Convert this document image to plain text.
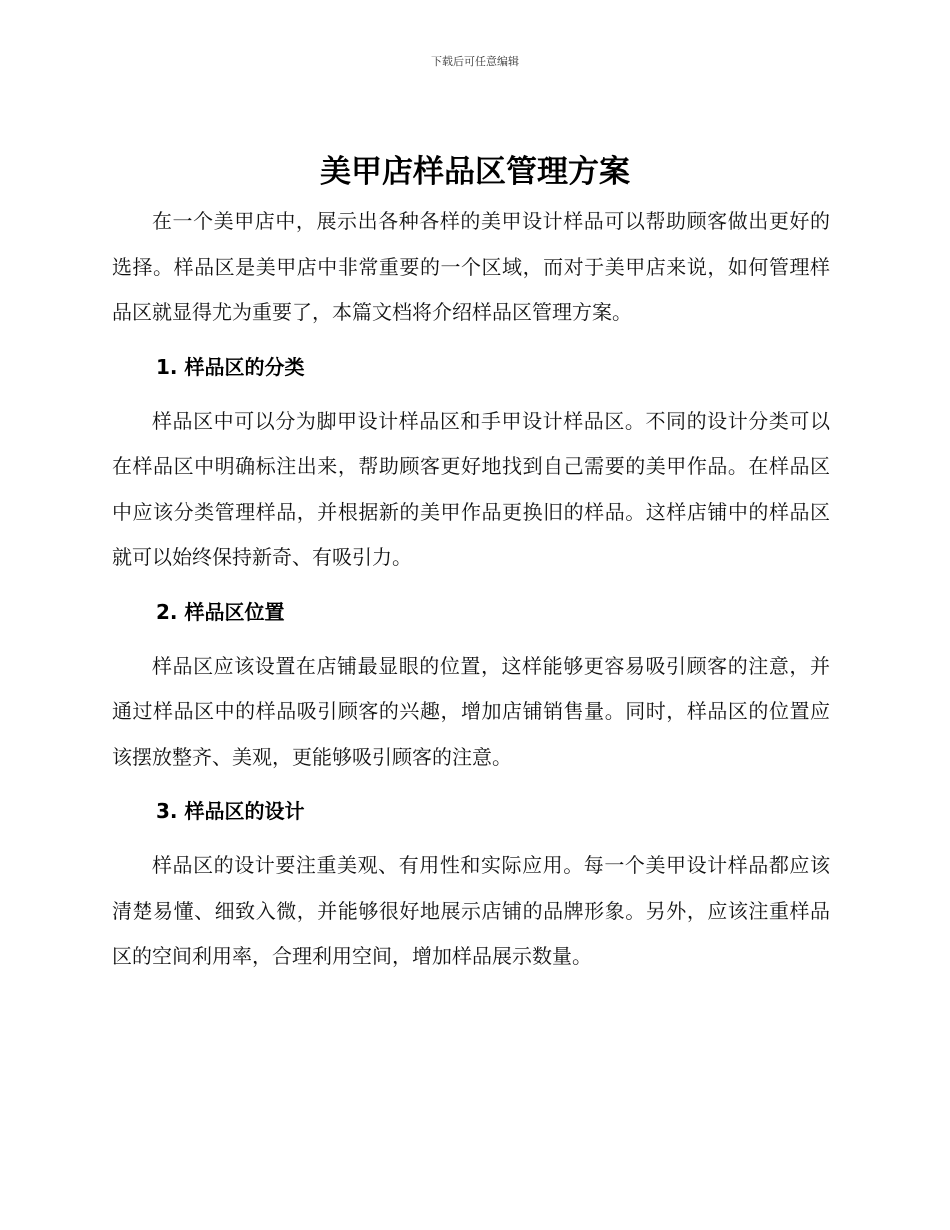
下载后可任意编辑
美甲店样品区管理方案

在一个美甲店中，展示出各种各样的美甲设计样品可以帮助顾客做出更好的选择。样品区是美甲店中非常重要的一个区域，而对于美甲店来说，如何管理样品区就显得尤为重要了，本篇文档将介绍样品区管理方案。

1. 样品区的分类

样品区中可以分为脚甲设计样品区和手甲设计样品区。不同的设计分类可以在样品区中明确标注出来，帮助顾客更好地找到自己需要的美甲作品。在样品区中应该分类管理样品，并根据新的美甲作品更换旧的样品。这样店铺中的样品区就可以始终保持新奇、有吸引力。

2. 样品区位置

样品区应该设置在店铺最显眼的位置，这样能够更容易吸引顾客的注意，并通过样品区中的样品吸引顾客的兴趣，增加店铺销售量。同时，样品区的位置应该摆放整齐、美观，更能够吸引顾客的注意。

3. 样品区的设计

样品区的设计要注重美观、有用性和实际应用。每一个美甲设计样品都应该清楚易懂、细致入微，并能够很好地展示店铺的品牌形象。另外，应该注重样品区的空间利用率，合理利用空间，增加样品展示数量。
